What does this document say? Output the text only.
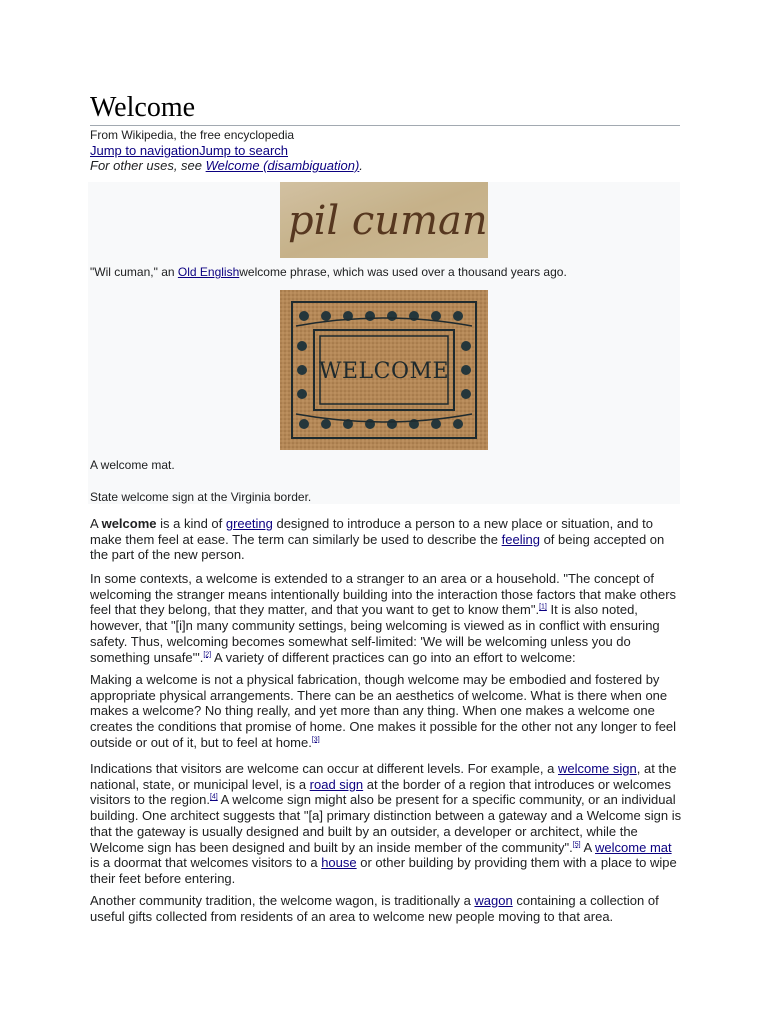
Welcome
From Wikipedia, the free encyclopedia
Jump to navigationJump to search
For other uses, see Welcome (disambiguation).
pil cuman
"Wil cuman," an Old Englishwelcome phrase, which was used over a thousand years ago.
WELCOME
A welcome mat.
State welcome sign at the Virginia border.

A welcome is a kind of greeting designed to introduce a person to a new place or situation, and to make them feel at ease. The term can similarly be used to describe the feeling of being accepted on the part of the new person.

In some contexts, a welcome is extended to a stranger to an area or a household. "The concept of welcoming the stranger means intentionally building into the interaction those factors that make others feel that they belong, that they matter, and that you want to get to know them".[1] It is also noted, however, that "[i]n many community settings, being welcoming is viewed as in conflict with ensuring safety. Thus, welcoming becomes somewhat self-limited: 'We will be welcoming unless you do something unsafe'".[2] A variety of different practices can go into an effort to welcome:

Making a welcome is not a physical fabrication, though welcome may be embodied and fostered by appropriate physical arrangements. There can be an aesthetics of welcome. What is there when one makes a welcome? No thing really, and yet more than any thing. When one makes a welcome one creates the conditions that promise of home. One makes it possible for the other not any longer to feel outside or out of it, but to feel at home.[3]

Indications that visitors are welcome can occur at different levels. For example, a welcome sign, at the national, state, or municipal level, is a road sign at the border of a region that introduces or welcomes visitors to the region.[4] A welcome sign might also be present for a specific community, or an individual building. One architect suggests that "[a] primary distinction between a gateway and a Welcome sign is that the gateway is usually designed and built by an outsider, a developer or architect, while the Welcome sign has been designed and built by an inside member of the community".[5] A welcome mat is a doormat that welcomes visitors to a house or other building by providing them with a place to wipe their feet before entering.

Another community tradition, the welcome wagon, is traditionally a wagon containing a collection of useful gifts collected from residents of an area to welcome new people moving to that area.
